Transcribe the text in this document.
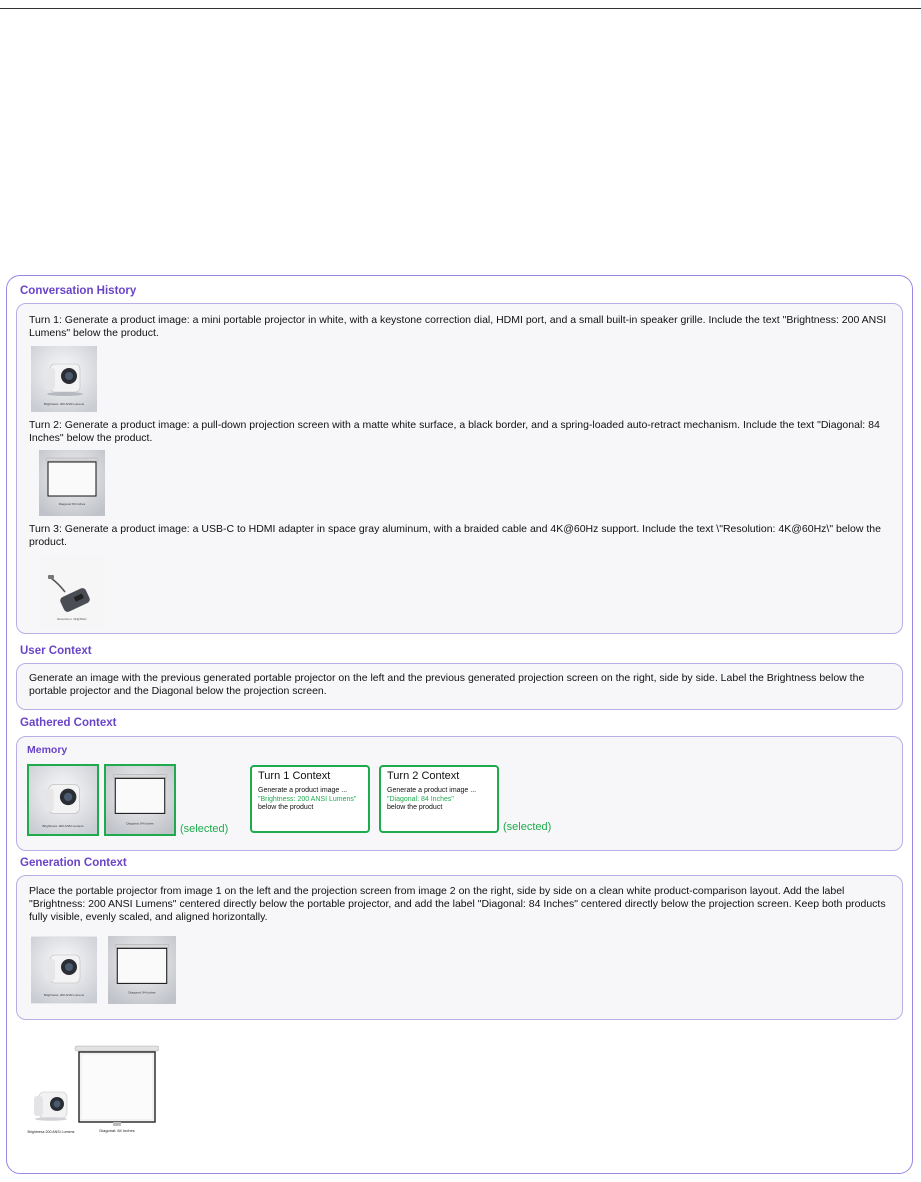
Conversation History
Turn 1: Generate a product image: a mini portable projector in white, with a keystone correction dial, HDMI port, and a small built-in speaker grille. Include the text "Brightness: 200 ANSI Lumens" below the product.
Brightness: 200 ANSI Lumens
Turn 2: Generate a product image: a pull-down projection screen with a matte white surface, a black border, and a spring-loaded auto-retract mechanism. Include the text "Diagonal: 84 Inches" below the product.
Diagonal: 84 Inches
Turn 3: Generate a product image: a USB-C to HDMI adapter in space gray aluminum, with a braided cable and 4K@60Hz support. Include the text \"Resolution: 4K@60Hz\" below the product.
Resolution: 4K@60Hz
User Context
Generate an image with the previous generated portable projector on the left and the previous generated projection screen on the right, side by side. Label the Brightness below the portable projector and the Diagonal below the projection screen.
Gathered Context
Memory
Brightness: 200 ANSI Lumens
Diagonal: 84 Inches (selected)
Turn 1 Context
Generate a product image ...
"Brightness: 200 ANSI Lumens"
below the product
Turn 2 Context
Generate a product image ...
"Diagonal: 84 Inches"
below the product
(selected)
Generation Context
Place the portable projector from image 1 on the left and the projection screen from image 2 on the right, side by side on a clean white product-comparison layout. Add the label "Brightness: 200 ANSI Lumens" centered directly below the portable projector, and add the label "Diagonal: 84 Inches" centered directly below the projection screen. Keep both products fully visible, evenly scaled, and aligned horizontally.
Brightness: 200 ANSI Lumens
Diagonal: 84 Inches
Diagonal: 84 Inches
Brightness 200 ANSI Lumens
